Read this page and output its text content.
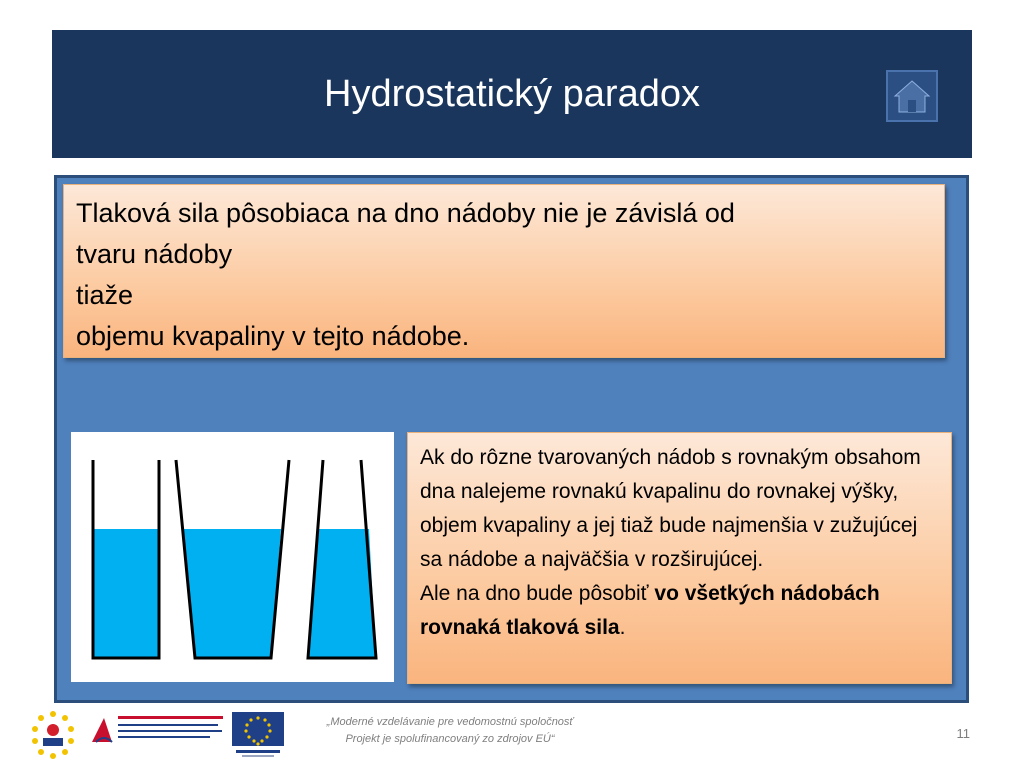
Hydrostatický paradox

Tlaková sila pôsobiaca na dno nádoby nie je závislá od

tvaru nádoby

tiaže

objemu kvapaliny v tejto nádobe.

Ak do rôzne tvarovaných nádob s rovnakým obsahom dna nalejeme rovnakú kvapalinu do rovnakej výšky, objem kvapaliny a jej tiaž bude najmenšia v zužujúcej sa nádobe a najväčšia v rozširujúcej.
Ale na dno bude pôsobiť vo všetkých nádobách rovnaká tlaková sila.

„Moderné vzdelávanie pre vedomostnú spoločnosť
Projekt je spolufinancovaný zo zdrojov EÚ“	11
